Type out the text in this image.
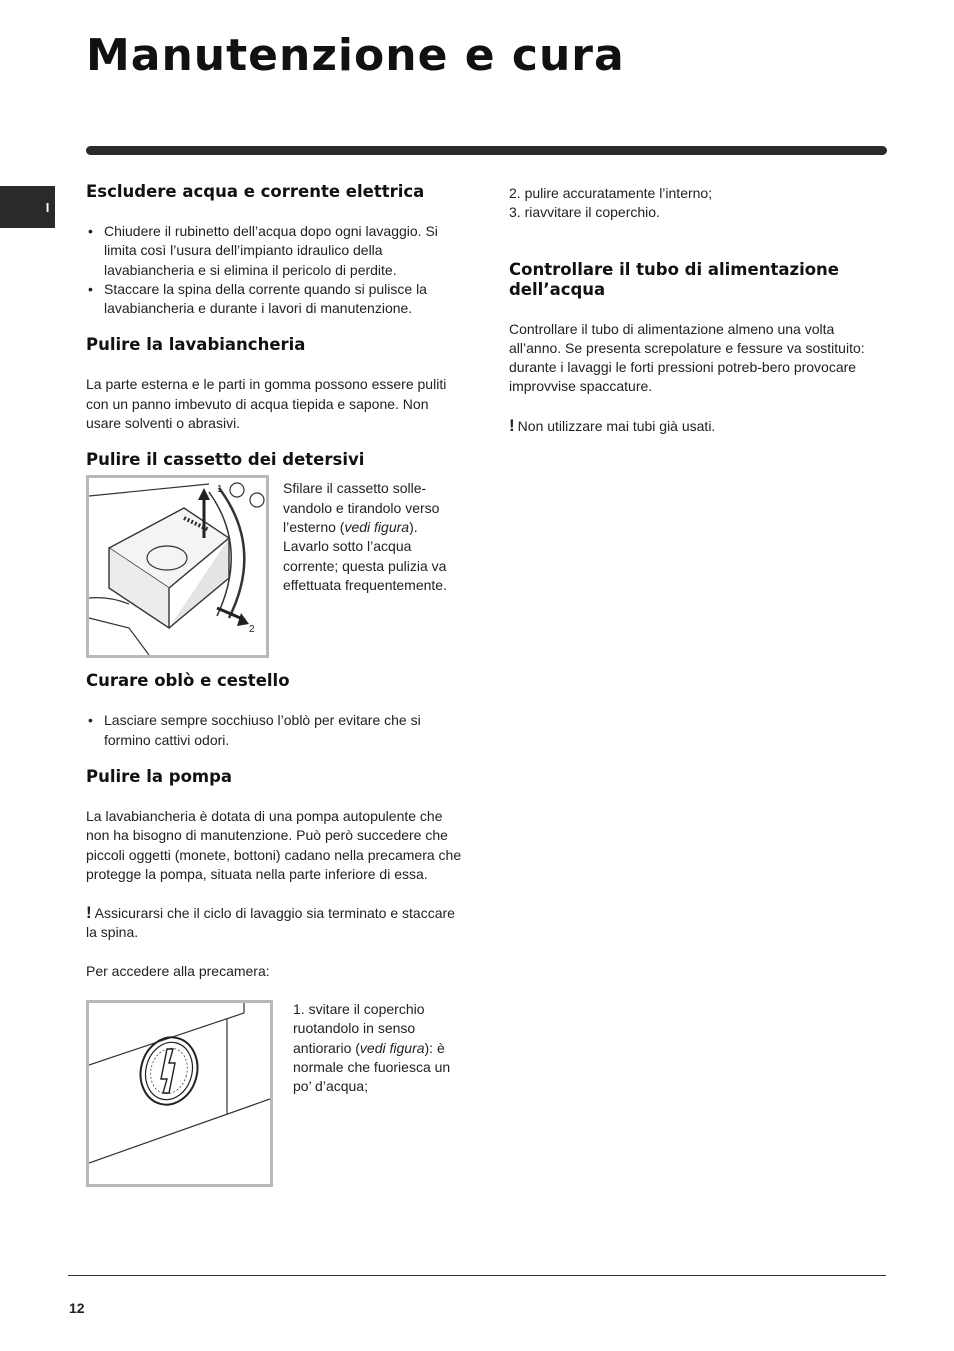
Manutenzione e cura
I
Escludere acqua e corrente elettrica
• Chiudere il rubinetto dell’acqua dopo ogni lavaggio. Si limita così l’usura dell’impianto idraulico della lavabiancheria e si elimina il pericolo di perdite.
• Staccare la spina della corrente quando si pulisce la lavabiancheria e durante i lavori di manutenzione.
Pulire la lavabiancheria

La parte esterna e le parti in gomma possono essere puliti con un panno imbevuto di acqua tiepida e sapone. Non usare solventi o abrasivi.

Pulire il cassetto dei detersivi
1
2

Sfilare il cassetto solle-vandolo e tirandolo verso l’esterno (vedi figura). Lavarlo sotto l’acqua corrente; questa pulizia va effettuata frequentemente.

Curare oblò e cestello
• Lasciare sempre socchiuso l’oblò per evitare che si formino cattivi odori.
Pulire la pompa

La lavabiancheria è dotata di una pompa autopulente che non ha bisogno di manutenzione. Può però succedere che piccoli oggetti (monete, bottoni) cadano nella precamera che protegge la pompa, situata nella parte inferiore di essa.

! Assicurarsi che il ciclo di lavaggio sia terminato e staccare la spina.

Per accedere alla precamera:

1. svitare il coperchio ruotandolo in senso antiorario (vedi figura): è normale che fuoriesca un po’ d’acqua;

2. pulire accuratamente l’interno;

3. riavvitare il coperchio.

Controllare il tubo di alimentazione dell’acqua

Controllare il tubo di alimentazione almeno una volta all’anno. Se presenta screpolature e fessure va sostituito: durante i lavaggi le forti pressioni potreb-bero provocare improvvise spaccature.

! Non utilizzare mai tubi già usati.

12
